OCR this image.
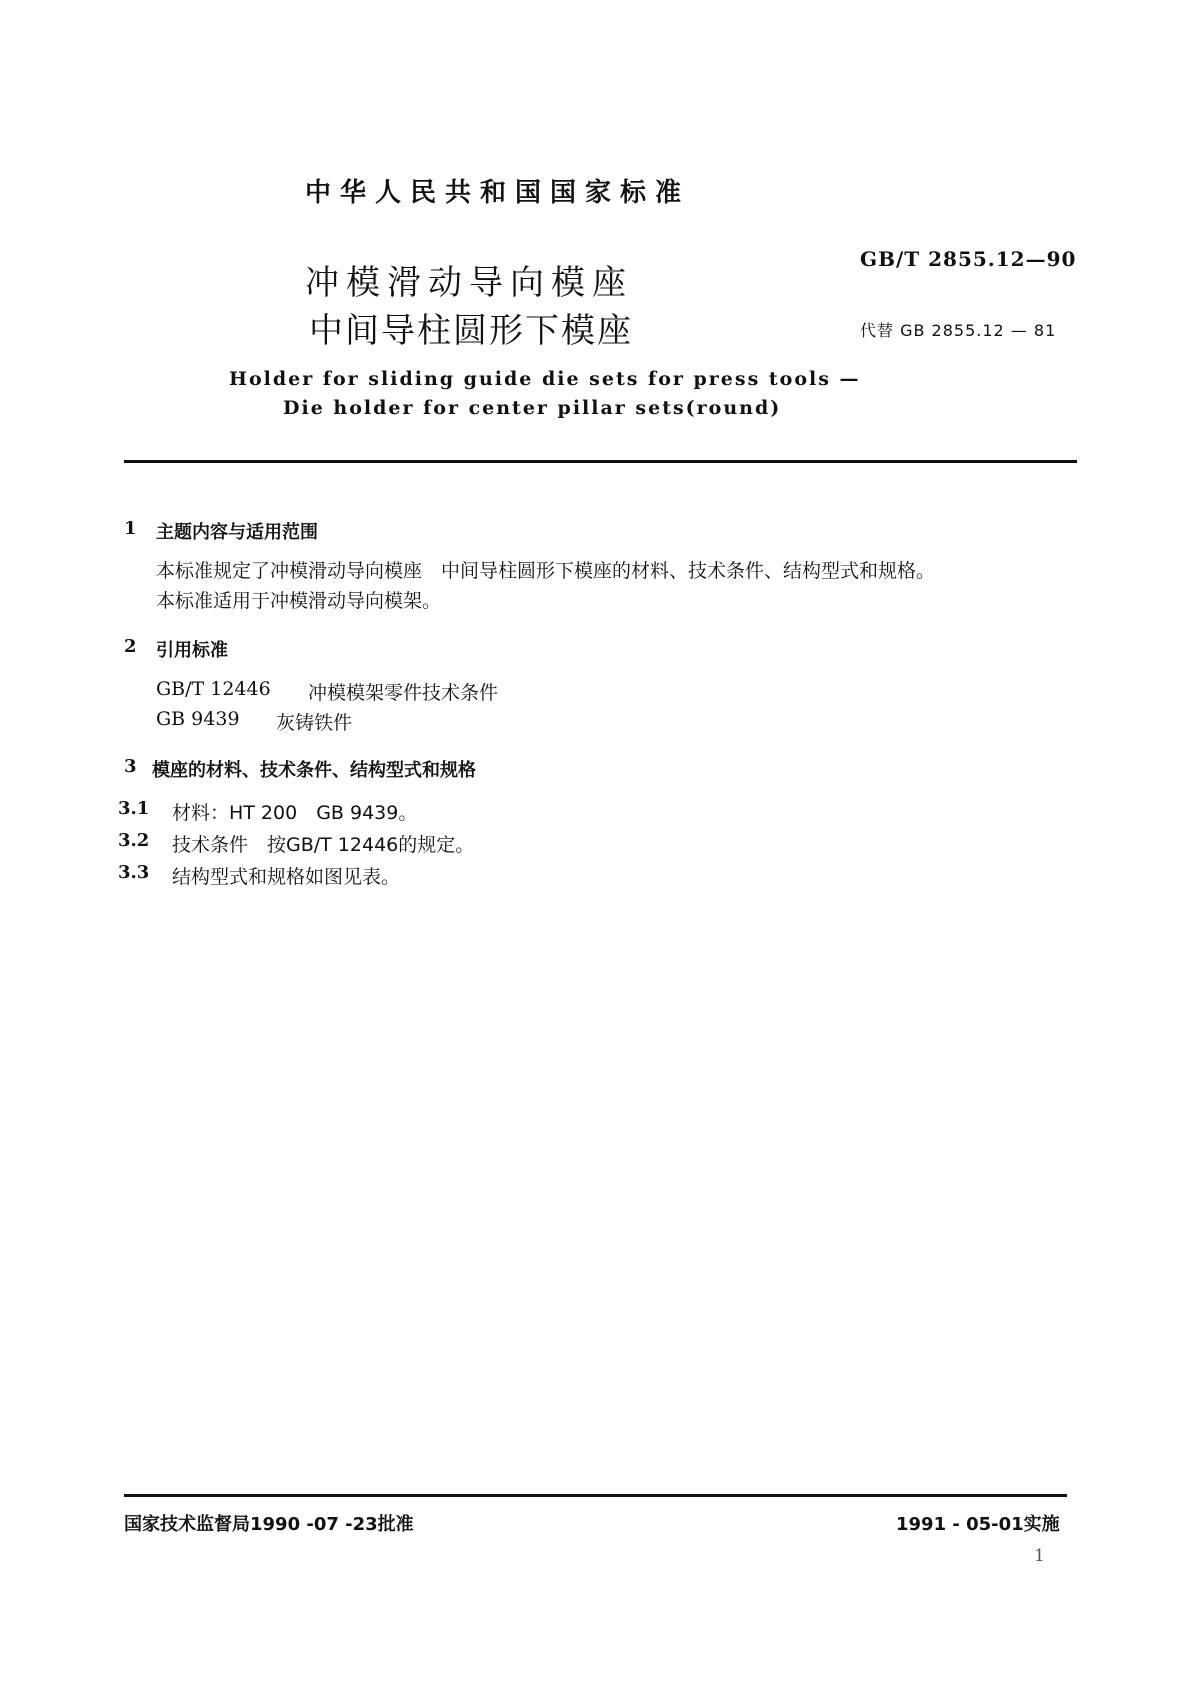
中华人民共和国国家标准
GB/T 2855.12—90
代替 GB 2855.12 — 81
冲模滑动导向模座
中间导柱圆形下模座
Holder for sliding guide die sets for press tools —
Die holder for center pillar sets(round)
1 主题内容与适用范围
本标准规定了冲模滑动导向模座　中间导柱圆形下模座的材料、技术条件、结构型式和规格。
本标准适用于冲模滑动导向模架。
2 引用标准
GB/T 12446 冲模模架零件技术条件
GB 9439 灰铸铁件
3 模座的材料、技术条件、结构型式和规格
3.1 材料：HT 200　GB 9439。
3.2 技术条件　按GB/T 12446的规定。
3.3 结构型式和规格如图见表。
国家技术监督局1990 -07 -23批准	1991 - 05-01实施
1
